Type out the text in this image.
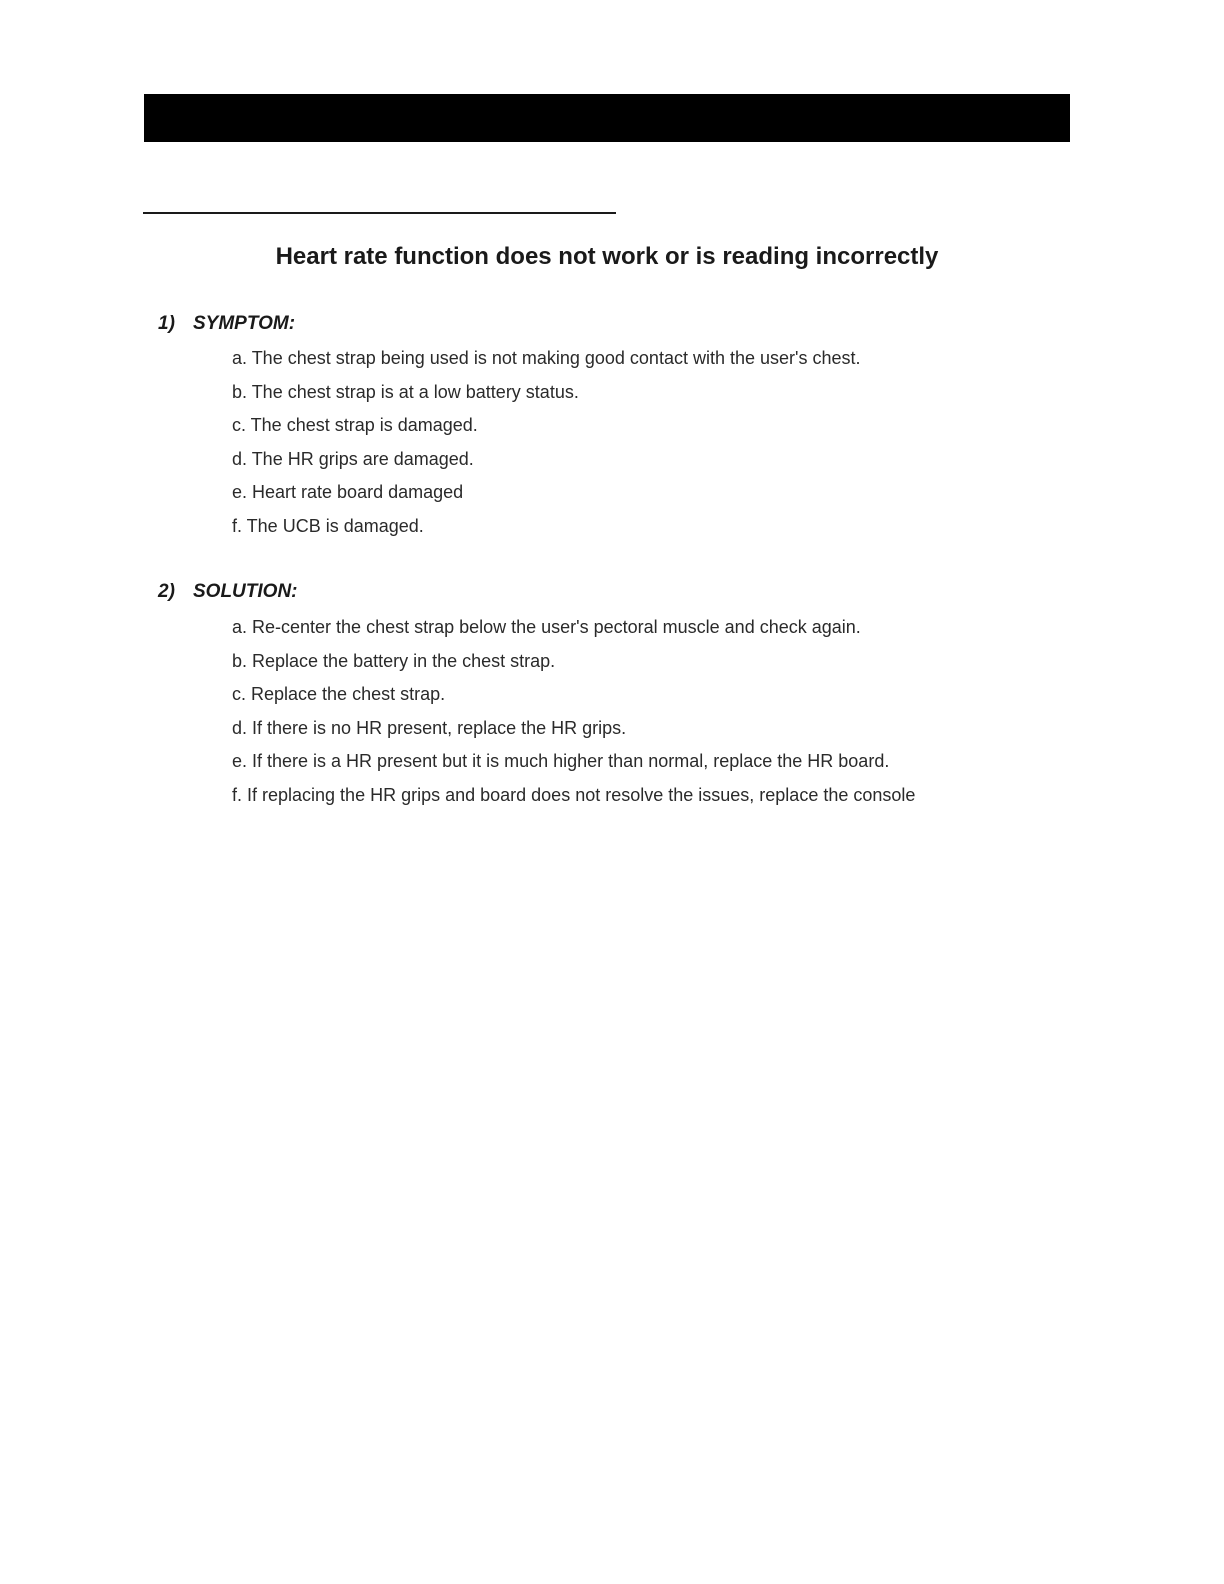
Heart rate function does not work or is reading incorrectly
1) SYMPTOM:
a. The chest strap being used is not making good contact with the user's chest.
b. The chest strap is at a low battery status.
c. The chest strap is damaged.
d. The HR grips are damaged.
e. Heart rate board damaged
f. The UCB is damaged.
2) SOLUTION:
a. Re-center the chest strap below the user's pectoral muscle and check again.
b. Replace the battery in the chest strap.
c. Replace the chest strap.
d. If there is no HR present, replace the HR grips.
e. If there is a HR present but it is much higher than normal, replace the HR board.
f. If replacing the HR grips and board does not resolve the issues, replace the console
